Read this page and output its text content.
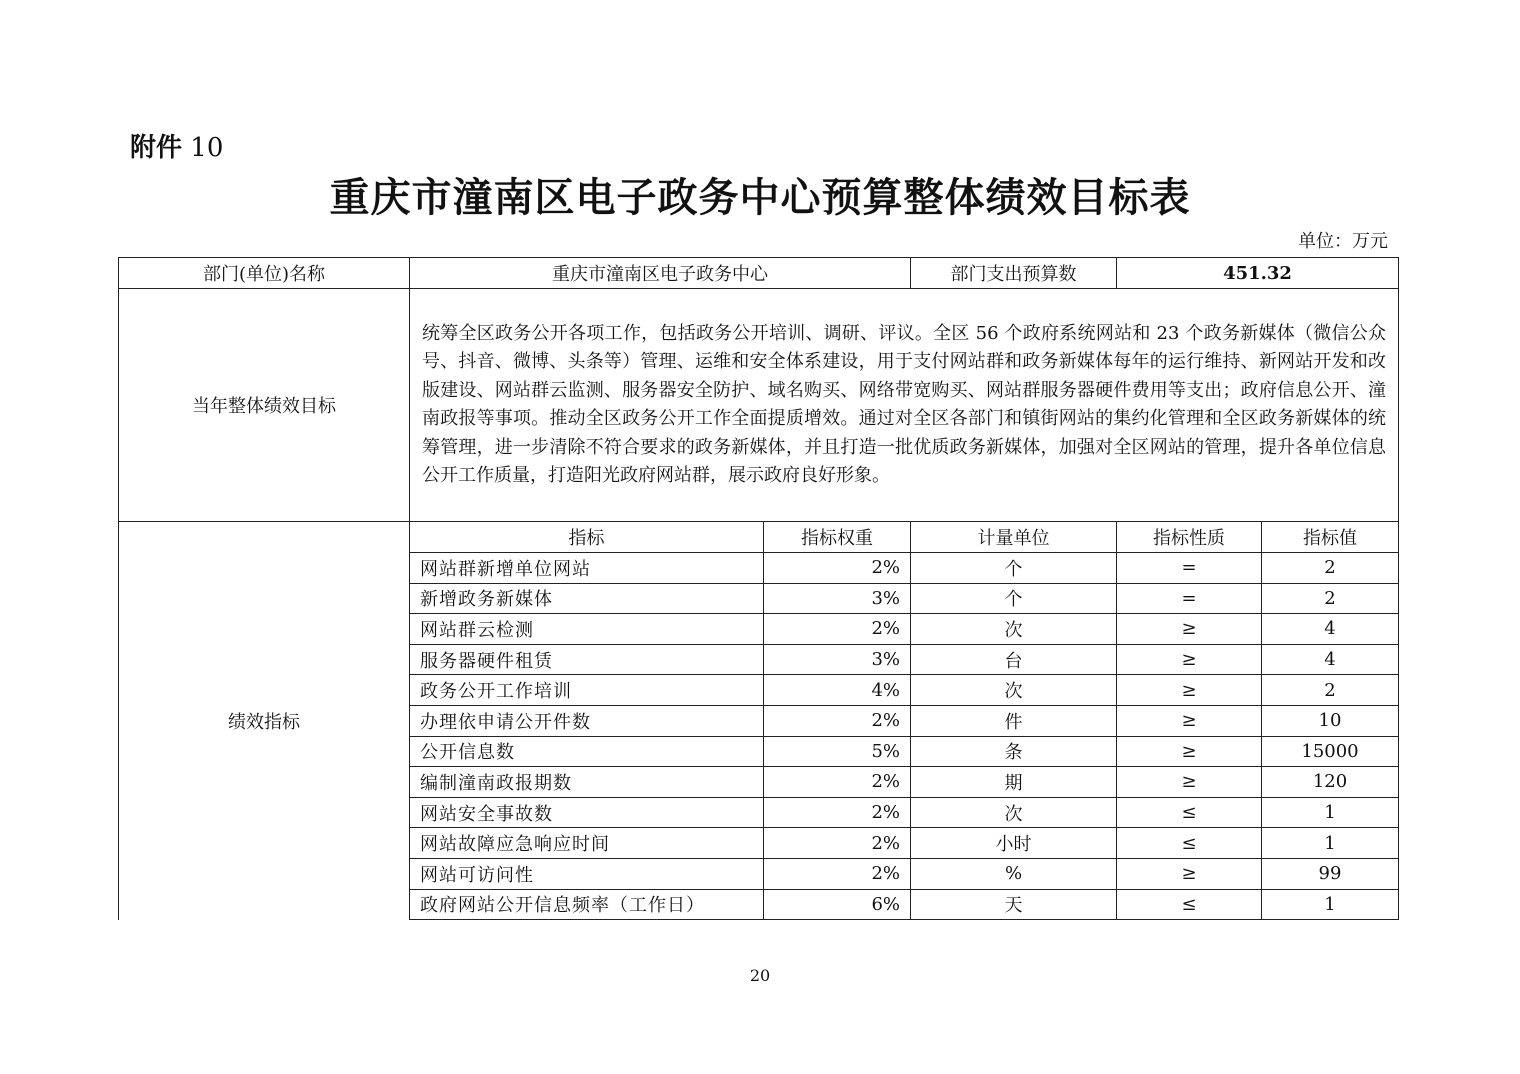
附件 10
重庆市潼南区电子政务中心预算整体绩效目标表
单位：万元
部门(单位)名称	重庆市潼南区电子政务中心		部门支出预算数	451.32	
当年整体绩效目标	统筹全区政务公开各项工作，包括政务公开培训、调研、评议。全区 56 个政府系统网站和 23 个政务新媒体（微信公众号、抖音、微博、头条等）管理、运维和安全体系建设，用于支付网站群和政务新媒体每年的运行维持、新网站开发和改版建设、网站群云监测、服务器安全防护、域名购买、网络带宽购买、网站群服务器硬件费用等支出；政府信息公开、潼南政报等事项。推动全区政务公开工作全面提质增效。通过对全区各部门和镇街网站的集约化管理和全区政务新媒体的统筹管理，进一步清除不符合要求的政务新媒体，并且打造一批优质政务新媒体，加强对全区网站的管理，提升各单位信息公开工作质量，打造阳光政府网站群，展示政府良好形象。				
绩效指标	指标	指标权重	计量单位	指标性质	指标值
	网站群新增单位网站	2%	个	=	2
	新增政务新媒体	3%	个	=	2
	网站群云检测	2%	次	≥	4
	服务器硬件租赁	3%	台	≥	4
	政务公开工作培训	4%	次	≥	2
	办理依申请公开件数	2%	件	≥	10
	公开信息数	5%	条	≥	15000
	编制潼南政报期数	2%	期	≥	120
	网站安全事故数	2%	次	≤	1
	网站故障应急响应时间	2%	小时	≤	1
	网站可访问性	2%	%	≥	99
	政府网站公开信息频率（工作日）	6%	天	≤	1
20
